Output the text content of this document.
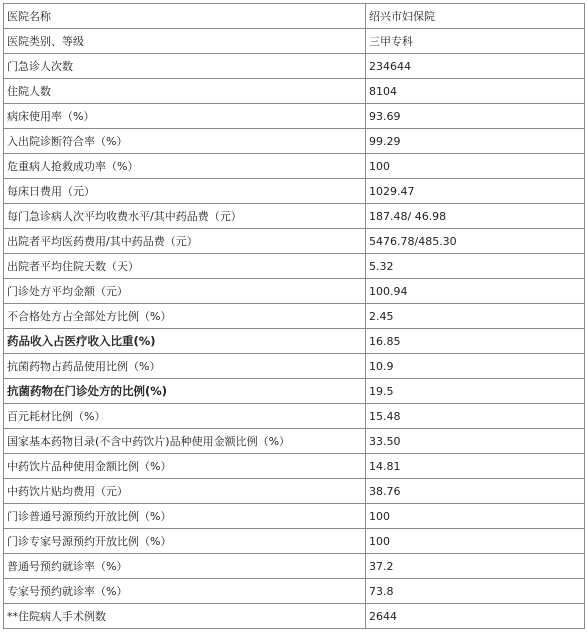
医院名称	绍兴市妇保院
医院类别、等级	三甲专科
门急诊人次数	234644
住院人数	8104
病床使用率（%）	93.69
入出院诊断符合率（%）	99.29
危重病人抢救成功率（%）	100
每床日费用（元）	1029.47
每门急诊病人次平均收费水平/其中药品费（元）	187.48/ 46.98
出院者平均医药费用/其中药品费（元）	5476.78/485.30
出院者平均住院天数（天）	5.32
门诊处方平均金额（元）	100.94
不合格处方占全部处方比例（%）	2.45
药品收入占医疗收入比重(%)	16.85
抗菌药物占药品使用比例（%）	10.9
抗菌药物在门诊处方的比例(%)	19.5
百元耗材比例（%）	15.48
国家基本药物目录(不含中药饮片)品种使用金额比例（%）	33.50
中药饮片品种使用金额比例（%）	14.81
中药饮片贴均费用（元）	38.76
门诊普通号源预约开放比例（%）	100
门诊专家号源预约开放比例（%）	100
普通号预约就诊率（%）	37.2
专家号预约就诊率（%）	73.8
**住院病人手术例数	2644
